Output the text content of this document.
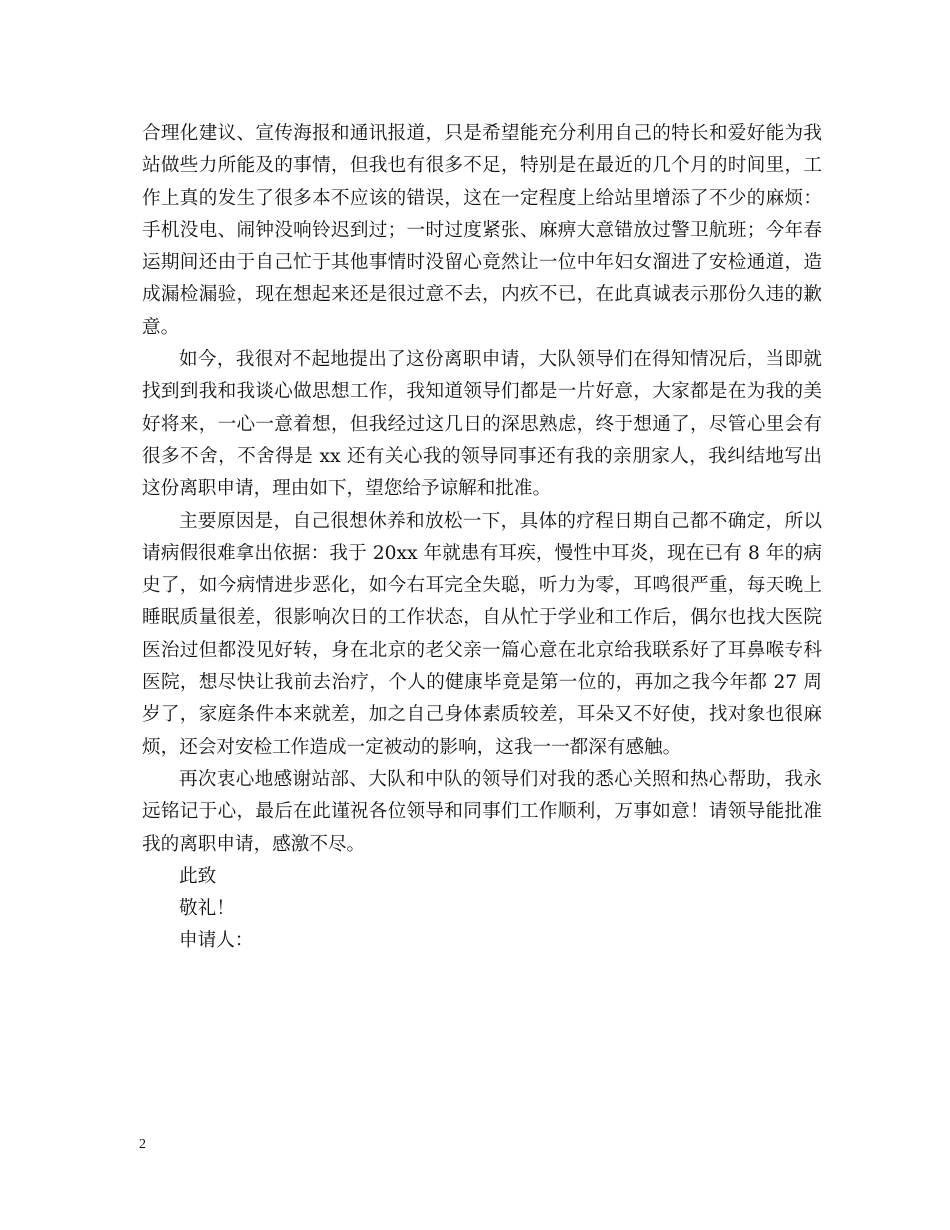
合理化建议、宣传海报和通讯报道，只是希望能充分利用自己的特长和爱好能为我

站做些力所能及的事情，但我也有很多不足，特别是在最近的几个月的时间里，工

作上真的发生了很多本不应该的错误，这在一定程度上给站里增添了不少的麻烦：

手机没电、闹钟没响铃迟到过；一时过度紧张、麻痹大意错放过警卫航班；今年春

运期间还由于自己忙于其他事情时没留心竟然让一位中年妇女溜进了安检通道，造

成漏检漏验，现在想起来还是很过意不去，内疚不已，在此真诚表示那份久违的歉

意。

如今，我很对不起地提出了这份离职申请，大队领导们在得知情况后，当即就

找到到我和我谈心做思想工作，我知道领导们都是一片好意，大家都是在为我的美

好将来，一心一意着想，但我经过这几日的深思熟虑，终于想通了，尽管心里会有

很多不舍，不舍得是 xx 还有关心我的领导同事还有我的亲朋家人，我纠结地写出

这份离职申请，理由如下，望您给予谅解和批准。

主要原因是，自己很想休养和放松一下，具体的疗程日期自己都不确定，所以

请病假很难拿出依据：我于 20xx 年就患有耳疾，慢性中耳炎，现在已有 8 年的病

史了，如今病情进步恶化，如今右耳完全失聪，听力为零，耳鸣很严重，每天晚上

睡眠质量很差，很影响次日的工作状态，自从忙于学业和工作后，偶尔也找大医院

医治过但都没见好转，身在北京的老父亲一篇心意在北京给我联系好了耳鼻喉专科

医院，想尽快让我前去治疗，个人的健康毕竟是第一位的，再加之我今年都 27 周

岁了，家庭条件本来就差，加之自己身体素质较差，耳朵又不好使，找对象也很麻

烦，还会对安检工作造成一定被动的影响，这我一一都深有感触。

再次衷心地感谢站部、大队和中队的领导们对我的悉心关照和热心帮助，我永

远铭记于心，最后在此谨祝各位领导和同事们工作顺利，万事如意！请领导能批准

我的离职申请，感激不尽。

此致

敬礼！

申请人：

2
